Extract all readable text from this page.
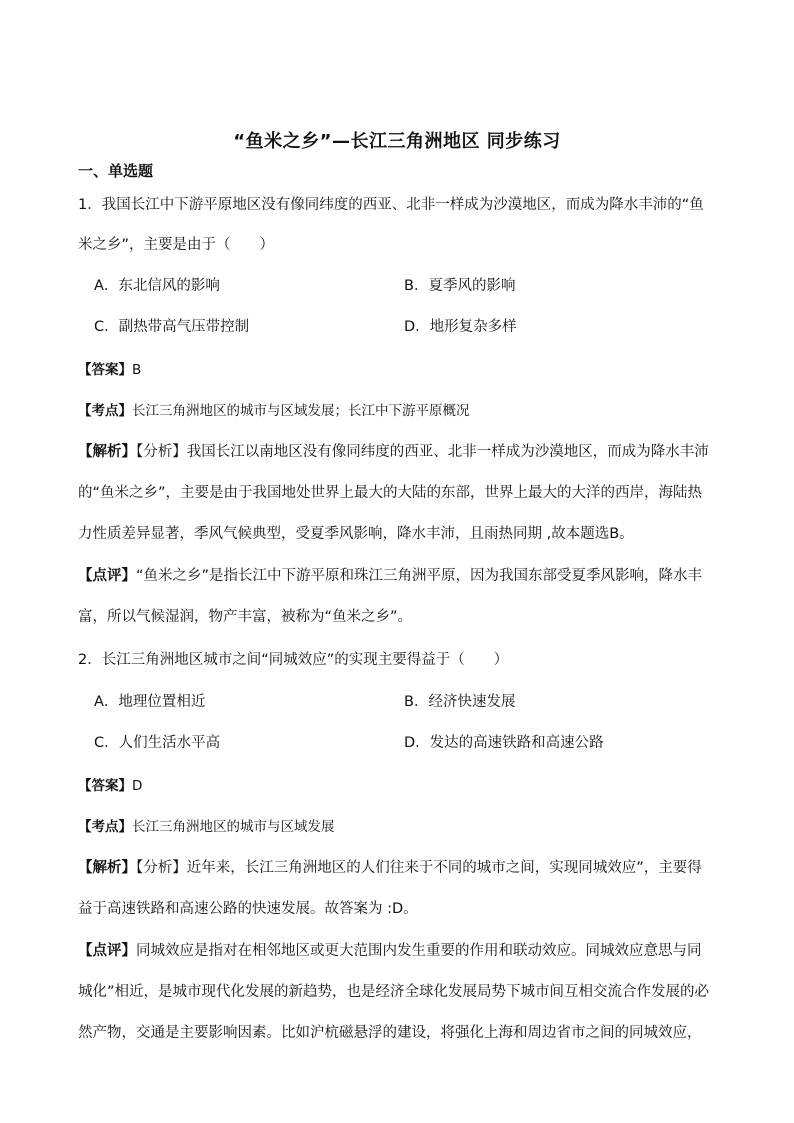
“鱼米之乡”—长江三角洲地区 同步练习
一、单选题
1．我国长江中下游平原地区没有像同纬度的西亚、北非一样成为沙漠地区，而成为降水丰沛的“鱼
米之乡”，主要是由于（　　）
A．东北信风的影响	B．夏季风的影响
C．副热带高气压带控制	D．地形复杂多样
【答案】B
【考点】长江三角洲地区的城市与区域发展；长江中下游平原概况
【解析】【分析】我国长江以南地区没有像同纬度的西亚、北非一样成为沙漠地区，而成为降水丰沛
的“鱼米之乡”，主要是由于我国地处世界上最大的大陆的东部，世界上最大的大洋的西岸，海陆热
力性质差异显著，季风气候典型，受夏季风影响，降水丰沛，且雨热同期 ,故本题选B。
【点评】“鱼米之乡”是指长江中下游平原和珠江三角洲平原，因为我国东部受夏季风影响，降水丰
富，所以气候湿润，物产丰富，被称为“鱼米之乡”。
2．长江三角洲地区城市之间“同城效应”的实现主要得益于（　　）
A．地理位置相近	B．经济快速发展
C．人们生活水平高	D．发达的高速铁路和高速公路
【答案】D
【考点】长江三角洲地区的城市与区域发展
【解析】【分析】近年来，长江三角洲地区的人们往来于不同的城市之间，实现同城效应”，主要得
益于高速铁路和高速公路的快速发展。故答案为 :D。
【点评】同城效应是指对在相邻地区或更大范围内发生重要的作用和联动效应。同城效应意思与同
城化”相近，是城市现代化发展的新趋势，也是经济全球化发展局势下城市间互相交流合作发展的必
然产物，交通是主要影响因素。比如沪杭磁悬浮的建设，将强化上海和周边省市之间的同城效应，
